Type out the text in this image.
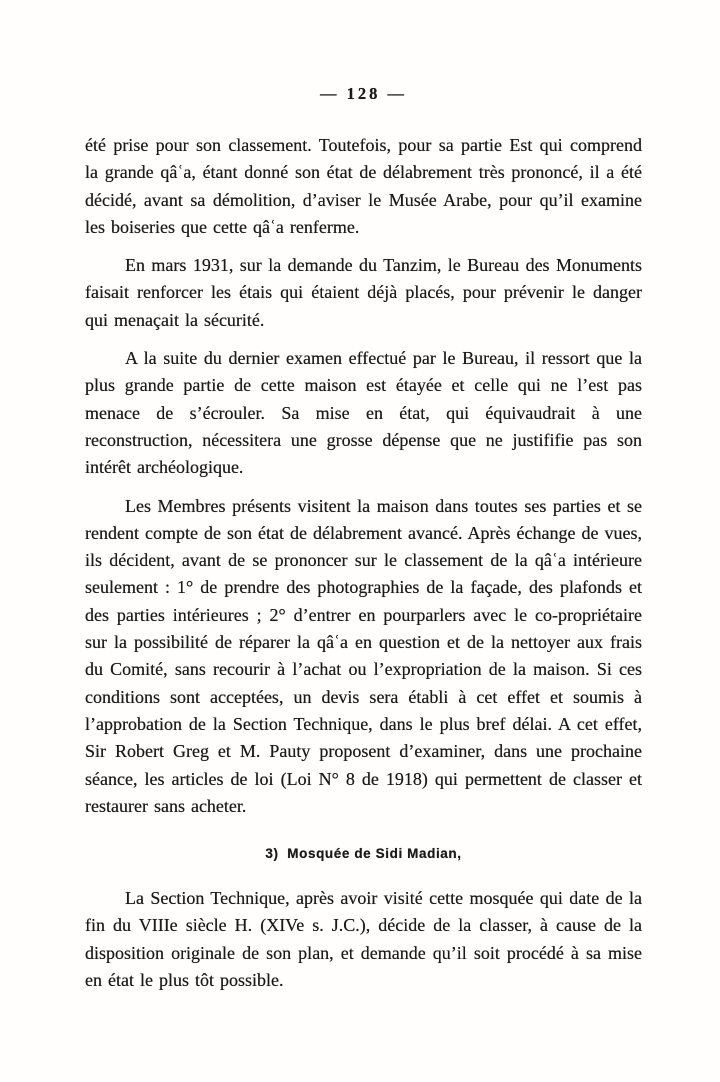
— 128 —

été prise pour son classement. Toutefois, pour sa partie Est qui comprend la grande qâʿa, étant donné son état de délabrement très prononcé, il a été décidé, avant sa démolition, d’aviser le Musée Arabe, pour qu’il examine les boiseries que cette qâʿa renferme.

En mars 1931, sur la demande du Tanzim, le Bureau des Monuments faisait renforcer les étais qui étaient déjà placés, pour prévenir le danger qui menaçait la sécurité.

A la suite du dernier examen effectué par le Bureau, il ressort que la plus grande partie de cette maison est étayée et celle qui ne l’est pas menace de s’écrouler. Sa mise en état, qui équivaudrait à une reconstruction, nécessitera une grosse dépense que ne justififie pas son intérêt archéologique.

Les Membres présents visitent la maison dans toutes ses parties et se rendent compte de son état de délabrement avancé. Après échange de vues, ils décident, avant de se prononcer sur le classement de la qâʿa intérieure seulement : 1° de prendre des photographies de la façade, des plafonds et des parties intérieures ; 2° d’entrer en pourparlers avec le co-propriétaire sur la possibilité de réparer la qâʿa en question et de la nettoyer aux frais du Comité, sans recourir à l’achat ou l’expropriation de la maison. Si ces conditions sont acceptées, un devis sera établi à cet effet et soumis à l’approbation de la Section Technique, dans le plus bref délai. A cet effet, Sir Robert Greg et M. Pauty proposent d’examiner, dans une prochaine séance, les articles de loi (Loi N° 8 de 1918) qui permettent de classer et restaurer sans acheter.

3)  Mosquée de Sidi Madian,

La Section Technique, après avoir visité cette mosquée qui date de la fin du VIIIe siècle H. (XIVe s. J.C.), décide de la classer, à cause de la disposition originale de son plan, et demande qu’il soit procédé à sa mise en état le plus tôt possible.
